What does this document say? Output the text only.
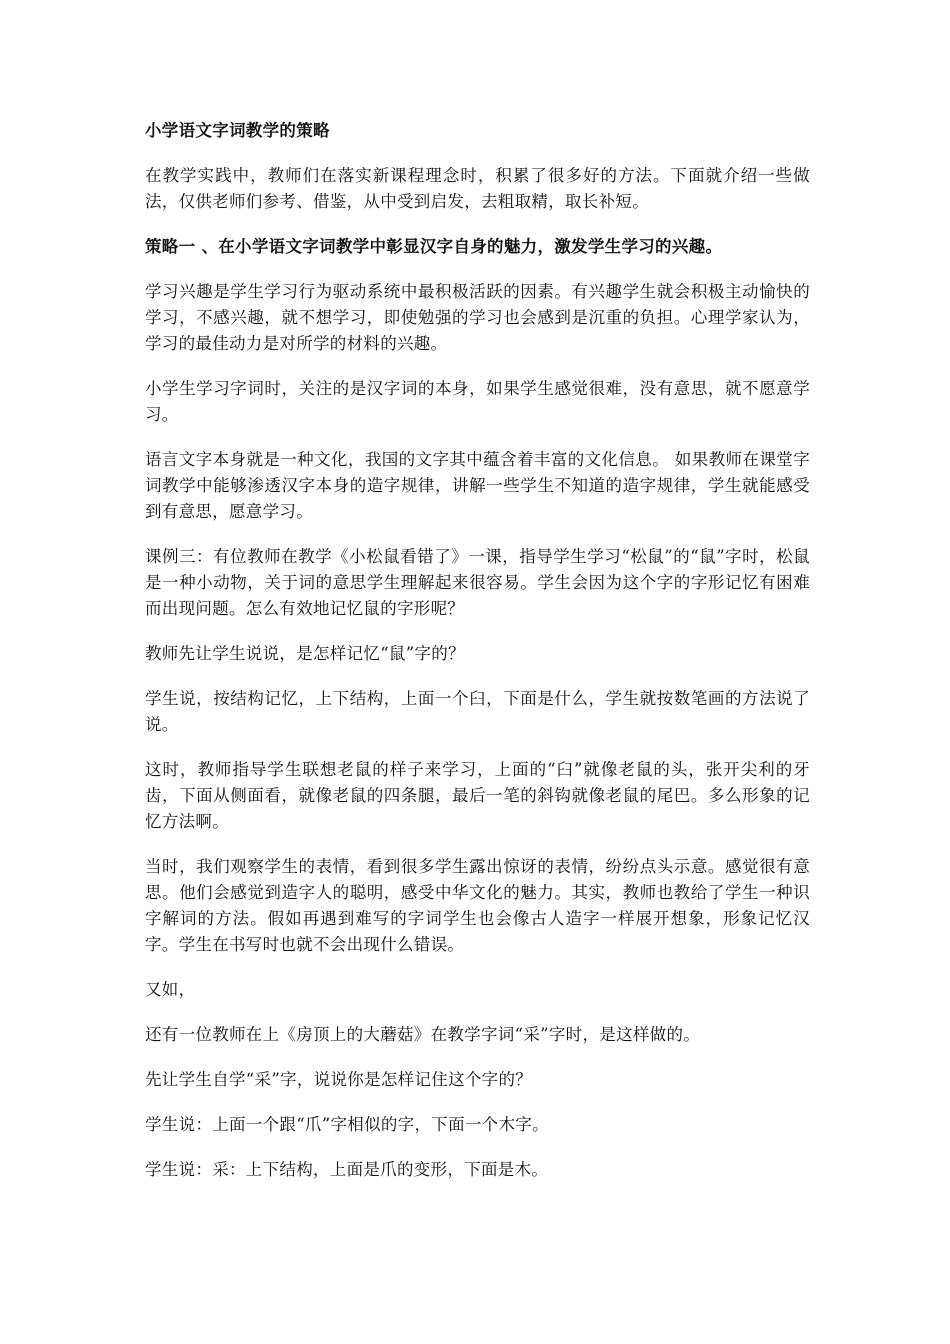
小学语文字词教学的策略

在教学实践中，教师们在落实新课程理念时，积累了很多好的方法。下面就介绍一些做法，仅供老师们参考、借鉴，从中受到启发，去粗取精，取长补短。

策略一 、在小学语文字词教学中彰显汉字自身的魅力，激发学生学习的兴趣。

学习兴趣是学生学习行为驱动系统中最积极活跃的因素。有兴趣学生就会积极主动愉快的学习，不感兴趣，就不想学习，即使勉强的学习也会感到是沉重的负担。心理学家认为，学习的最佳动力是对所学的材料的兴趣。

小学生学习字词时，关注的是汉字词的本身，如果学生感觉很难，没有意思，就不愿意学习。

语言文字本身就是一种文化，我国的文字其中蕴含着丰富的文化信息。 如果教师在课堂字词教学中能够渗透汉字本身的造字规律，讲解一些学生不知道的造字规律，学生就能感受到有意思，愿意学习。

课例三：有位教师在教学《小松鼠看错了》一课，指导学生学习“松鼠”的“鼠”字时，松鼠是一种小动物，关于词的意思学生理解起来很容易。学生会因为这个字的字形记忆有困难而出现问题。怎么有效地记忆鼠的字形呢？

教师先让学生说说，是怎样记忆“鼠”字的？

学生说，按结构记忆，上下结构，上面一个臼，下面是什么，学生就按数笔画的方法说了说。

这时，教师指导学生联想老鼠的样子来学习，上面的“臼”就像老鼠的头，张开尖利的牙齿，下面从侧面看，就像老鼠的四条腿，最后一笔的斜钩就像老鼠的尾巴。多么形象的记忆方法啊。

当时，我们观察学生的表情，看到很多学生露出惊讶的表情，纷纷点头示意。感觉很有意思。他们会感觉到造字人的聪明，感受中华文化的魅力。其实，教师也教给了学生一种识字解词的方法。假如再遇到难写的字词学生也会像古人造字一样展开想象，形象记忆汉字。学生在书写时也就不会出现什么错误。

又如，

还有一位教师在上《房顶上的大蘑菇》在教学字词“采”字时，是这样做的。

先让学生自学“采”字，说说你是怎样记住这个字的？

学生说：上面一个跟“爪”字相似的字，下面一个木字。

学生说：采：上下结构，上面是爪的变形，下面是木。
